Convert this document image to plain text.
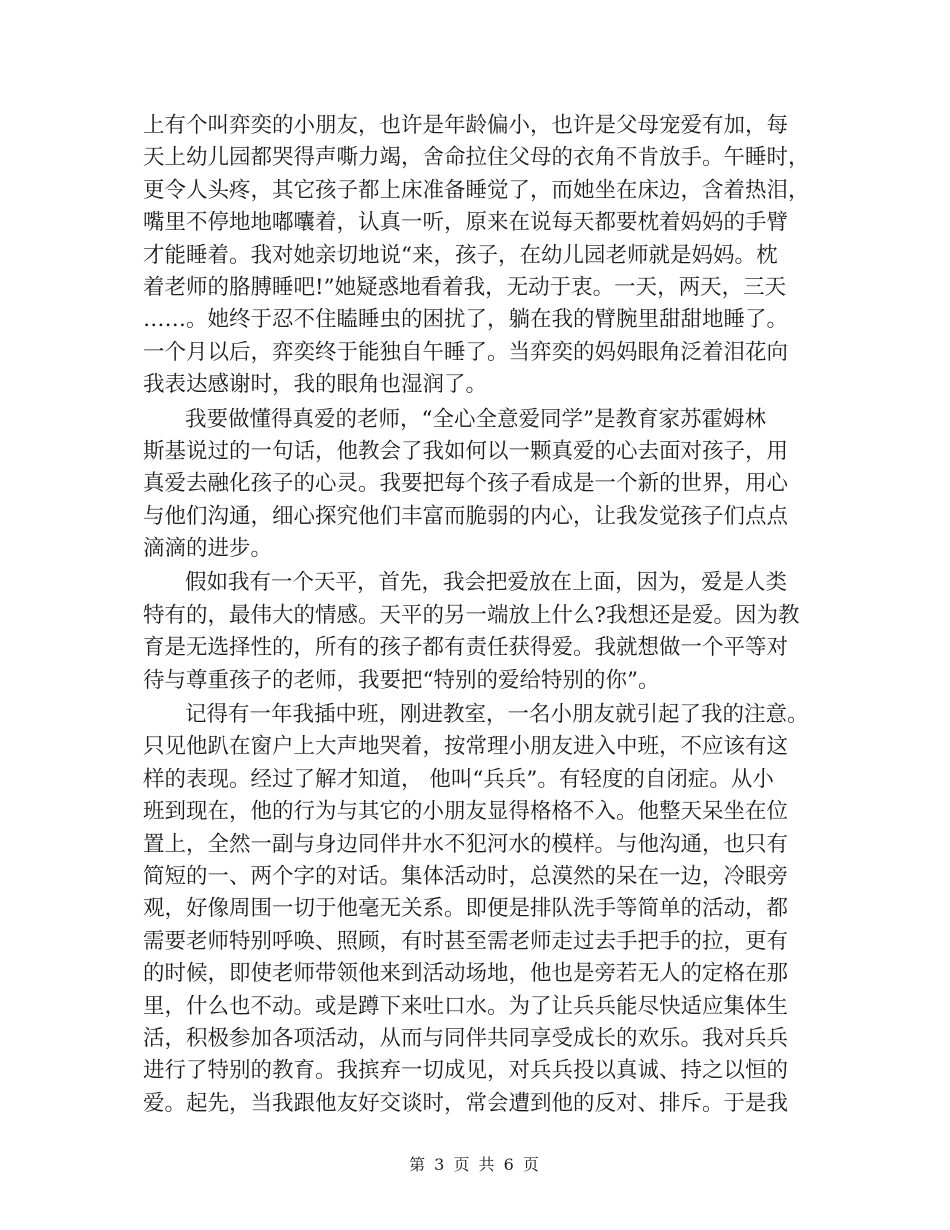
上有个叫弈奕的小朋友，也许是年龄偏小，也许是父母宠爱有加，每
天上幼儿园都哭得声嘶力竭，舍命拉住父母的衣角不肯放手。午睡时，
更令人头疼，其它孩子都上床准备睡觉了，而她坐在床边，含着热泪，
嘴里不停地地嘟囔着，认真一听，原来在说每天都要枕着妈妈的手臂
才能睡着。我对她亲切地说“来，孩子，在幼儿园老师就是妈妈。枕
着老师的胳膊睡吧!”她疑惑地看着我，无动于衷。一天，两天，三天
……。她终于忍不住瞌睡虫的困扰了，躺在我的臂腕里甜甜地睡了。
一个月以后，弈奕终于能独自午睡了。当弈奕的妈妈眼角泛着泪花向
我表达感谢时，我的眼角也湿润了。
我要做懂得真爱的老师，“全心全意爱同学”是教育家苏霍姆林
斯基说过的一句话，他教会了我如何以一颗真爱的心去面对孩子，用
真爱去融化孩子的心灵。我要把每个孩子看成是一个新的世界，用心
与他们沟通，细心探究他们丰富而脆弱的内心，让我发觉孩子们点点
滴滴的进步。
假如我有一个天平，首先，我会把爱放在上面，因为，爱是人类
特有的，最伟大的情感。天平的另一端放上什么?我想还是爱。因为教
育是无选择性的，所有的孩子都有责任获得爱。我就想做一个平等对
待与尊重孩子的老师，我要把“特别的爱给特别的你”。
记得有一年我插中班，刚进教室，一名小朋友就引起了我的注意。
只见他趴在窗户上大声地哭着，按常理小朋友进入中班，不应该有这
样的表现。经过了解才知道， 他叫“兵兵”。有轻度的自闭症。从小
班到现在，他的行为与其它的小朋友显得格格不入。他整天呆坐在位
置上，全然一副与身边同伴井水不犯河水的模样。与他沟通，也只有
简短的一、两个字的对话。集体活动时，总漠然的呆在一边，冷眼旁
观，好像周围一切于他毫无关系。即便是排队洗手等简单的活动，都
需要老师特别呼唤、照顾，有时甚至需老师走过去手把手的拉，更有
的时候，即使老师带领他来到活动场地，他也是旁若无人的定格在那
里，什么也不动。或是蹲下来吐口水。为了让兵兵能尽快适应集体生
活，积极参加各项活动，从而与同伴共同享受成长的欢乐。我对兵兵
进行了特别的教育。我摈弃一切成见，对兵兵投以真诚、持之以恒的
爱。起先，当我跟他友好交谈时，常会遭到他的反对、排斥。于是我
第 3 页 共 6 页
